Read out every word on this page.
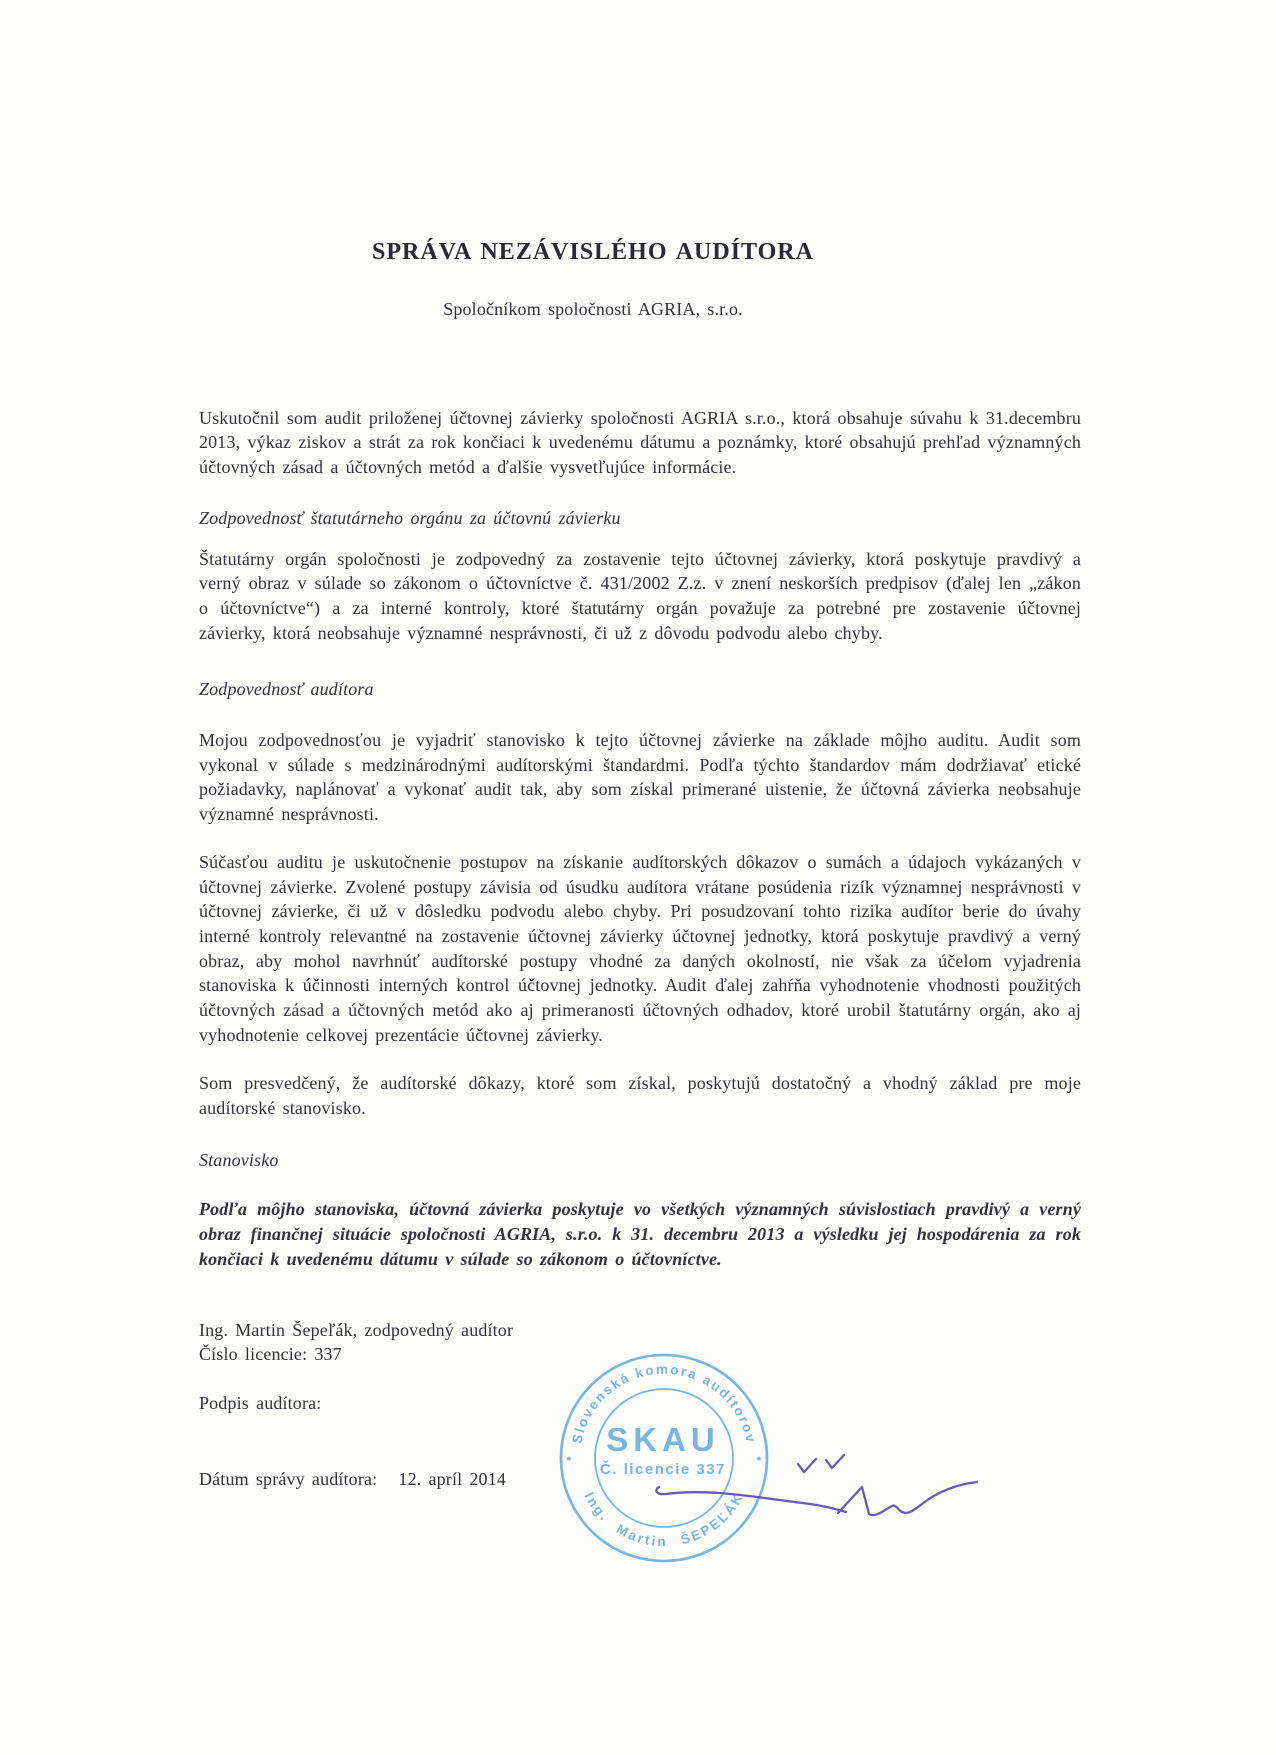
SPRÁVA NEZÁVISLÉHO AUDÍTORA

Spoločníkom spoločnosti AGRIA, s.r.o.

Uskutočnil som audit priloženej účtovnej závierky spoločnosti AGRIA s.r.o., ktorá obsahuje súvahu k 31.decembru 2013, výkaz ziskov a strát za rok končiaci k uvedenému dátumu a poznámky, ktoré obsahujú prehľad významných účtovných zásad a účtovných metód a ďalšie vysvetľujúce informácie.

Zodpovednosť štatutárneho orgánu za účtovnú závierku

Štatutárny orgán spoločnosti je zodpovedný za zostavenie tejto účtovnej závierky, ktorá poskytuje pravdivý a verný obraz v súlade so zákonom o účtovníctve č. 431/2002 Z.z. v znení neskorších predpisov (ďalej len „zákon o účtovníctve“) a za interné kontroly, ktoré štatutárny orgán považuje za potrebné pre zostavenie účtovnej závierky, ktorá neobsahuje významné nesprávnosti, či už z dôvodu podvodu alebo chyby.

Zodpovednosť audítora

Mojou zodpovednosťou je vyjadriť stanovisko k tejto účtovnej závierke na základe môjho auditu. Audit som vykonal v súlade s medzinárodnými audítorskými štandardmi. Podľa týchto štandardov mám dodržiavať etické požiadavky, naplánovať a vykonať audit tak, aby som získal primerané uistenie, že účtovná závierka neobsahuje významné nesprávnosti.

Súčasťou auditu je uskutočnenie postupov na získanie audítorských dôkazov o sumách a údajoch vykázaných v účtovnej závierke. Zvolené postupy závisia od úsudku audítora vrátane posúdenia rizík významnej nesprávnosti v účtovnej závierke, či už v dôsledku podvodu alebo chyby. Pri posudzovaní tohto rizika audítor berie do úvahy interné kontroly relevantné na zostavenie účtovnej závierky účtovnej jednotky, ktorá poskytuje pravdivý a verný obraz, aby mohol navrhnúť audítorské postupy vhodné za daných okolností, nie však za účelom vyjadrenia stanoviska k účinnosti interných kontrol účtovnej jednotky. Audit ďalej zahŕňa vyhodnotenie vhodnosti použitých účtovných zásad a účtovných metód ako aj primeranosti účtovných odhadov, ktoré urobil štatutárny orgán, ako aj vyhodnotenie celkovej prezentácie účtovnej závierky.

Som presvedčený, že audítorské dôkazy, ktoré som získal, poskytujú dostatočný a vhodný základ pre moje audítorské stanovisko.

Stanovisko

Podľa môjho stanoviska, účtovná závierka poskytuje vo všetkých významných súvislostiach pravdivý a verný obraz finančnej situácie spoločnosti AGRIA, s.r.o. k 31. decembru 2013 a výsledku jej hospodárenia za rok končiaci k uvedenému dátumu v súlade so zákonom o účtovníctve.

Ing. Martin Šepeľák, zodpovedný audítor

Číslo licencie: 337

Podpis audítora:

Dátum správy audítora: 12. apríl 2014

Slovenská komora audítorov
Ing. Martin ŠEPEĽÁK
•	•
SKAU
Č. licencie 337
